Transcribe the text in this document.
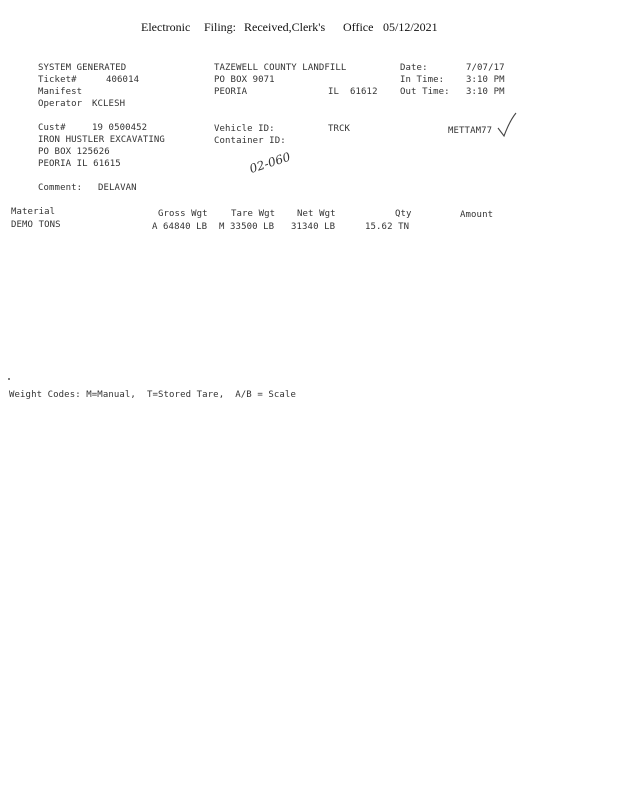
Electronic Filing: Received,Clerk's Office 05/12/2021
SYSTEM GENERATED
Ticket#	406014
Manifest
Operator KCLESH
TAZEWELL COUNTY LANDFILL
PO BOX 9071
PEORIA	IL 61612
Date:	7/07/17
In Time: 3:10 PM
Out Time: 3:10 PM
Cust#	19 0500452
IRON HUSTLER EXCAVATING
PO BOX 125626
PEORIA IL 61615
Vehicle ID:	TRCK
Container ID:
METTAM77
02-060
Comment: DELAVAN
Material	Gross Wgt	Tare Wgt Net Wgt	Qty	Amount
DEMO TONS	A 64840 LB M 33500 LB 31340 LB	15.62 TN
Weight Codes: M=Manual,  T=Stored Tare,  A/B = Scale
